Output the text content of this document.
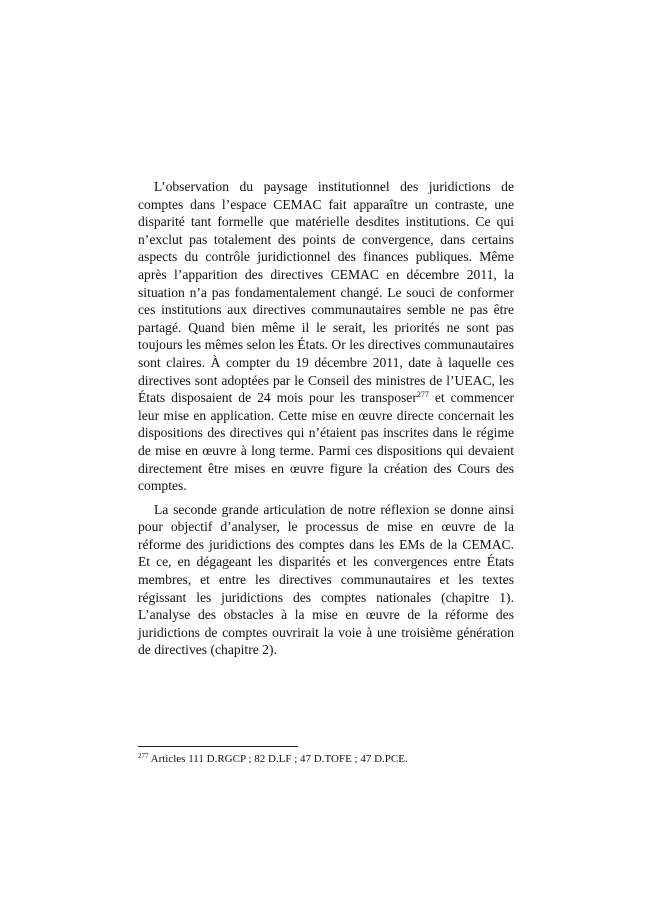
L’observation du paysage institutionnel des juridictions de comptes dans l’espace CEMAC fait apparaître un contraste, une disparité tant formelle que matérielle desdites institutions. Ce qui n’exclut pas totalement des points de convergence, dans certains aspects du contrôle juridictionnel des finances publiques. Même après l’apparition des directives CEMAC en décembre 2011, la situation n’a pas fondamentalement changé. Le souci de conformer ces institutions aux directives communautaires semble ne pas être partagé. Quand bien même il le serait, les priorités ne sont pas toujours les mêmes selon les États. Or les directives communautaires sont claires. À compter du 19 décembre 2011, date à laquelle ces directives sont adoptées par le Conseil des ministres de l’UEAC, les États disposaient de 24 mois pour les transposer$^{277}$ et commencer leur mise en application. Cette mise en œuvre directe concernait les dispositions des directives qui n’étaient pas inscrites dans le régime de mise en œuvre à long terme. Parmi ces dispositions qui devaient directement être mises en œuvre figure la création des Cours des comptes.

La seconde grande articulation de notre réflexion se donne ainsi pour objectif d’analyser, le processus de mise en œuvre de la réforme des juridictions des comptes dans les EMs de la CEMAC. Et ce, en dégageant les disparités et les convergences entre États membres, et entre les directives communautaires et les textes régissant les juridictions des comptes nationales (chapitre 1). L’analyse des obstacles à la mise en œuvre de la réforme des juridictions de comptes ouvrirait la voie à une troisième génération de directives (chapitre 2).

$^{277}$ Articles 111 D.RGCP ; 82 D.LF ; 47 D.TOFE ; 47 D.PCE.
